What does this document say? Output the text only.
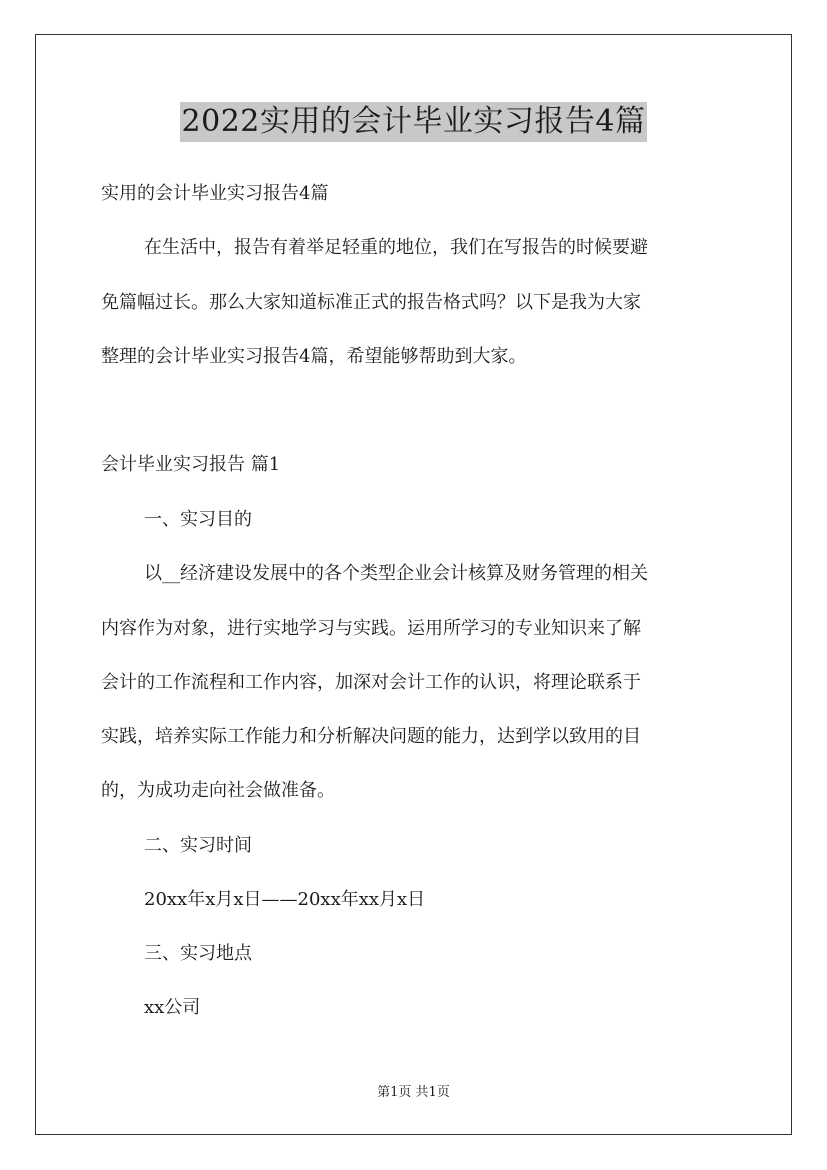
2022实用的会计毕业实习报告4篇
实用的会计毕业实习报告4篇
在生活中，报告有着举足轻重的地位，我们在写报告的时候要避
免篇幅过长。那么大家知道标准正式的报告格式吗？以下是我为大家
整理的会计毕业实习报告4篇，希望能够帮助到大家。
会计毕业实习报告 篇1
一、实习目的
以__经济建设发展中的各个类型企业会计核算及财务管理的相关
内容作为对象，进行实地学习与实践。运用所学习的专业知识来了解
会计的工作流程和工作内容，加深对会计工作的认识，将理论联系于
实践，培养实际工作能力和分析解决问题的能力，达到学以致用的目
的，为成功走向社会做准备。
二、实习时间
20xx年x月x日——20xx年xx月x日
三、实习地点
xx公司
第1页 共1页
